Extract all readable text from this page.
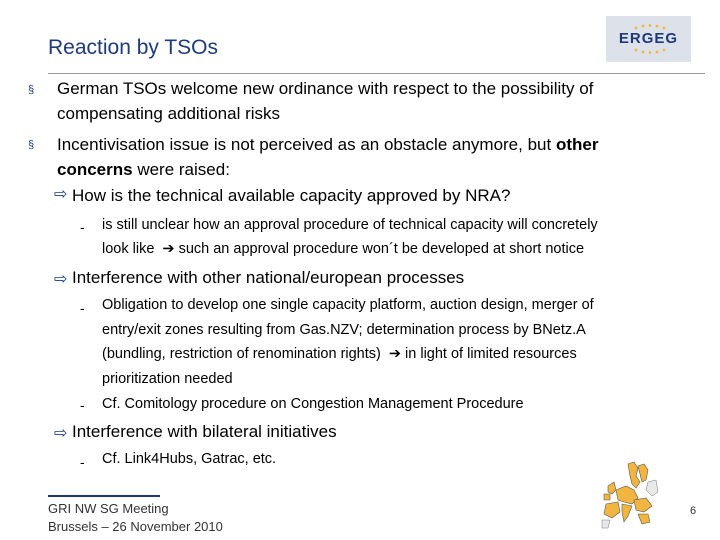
Reaction by TSOs	ERGEG
§ German TSOs welcome new ordinance with respect to the possibility of
compensating additional risks
§ Incentivisation issue is not perceived as an obstacle anymore, but other
concerns were raised:
⇨ How is the technical available capacity approved by NRA?
- is still unclear how an approval procedure of technical capacity will concretely
look like ➔ such an approval procedure won´t be developed at short notice
⇨ Interference with other national/european processes
- Obligation to develop one single capacity platform, auction design, merger of
entry/exit zones resulting from Gas.NZV; determination process by BNetz.A
(bundling, restriction of renomination rights) ➔ in light of limited resources
prioritization needed
- Cf. Comitology procedure on Congestion Management Procedure
⇨ Interference with bilateral initiatives
- Cf. Link4Hubs, Gatrac, etc.
GRI NW SG Meeting
Brussels – 26 November 2010
6
